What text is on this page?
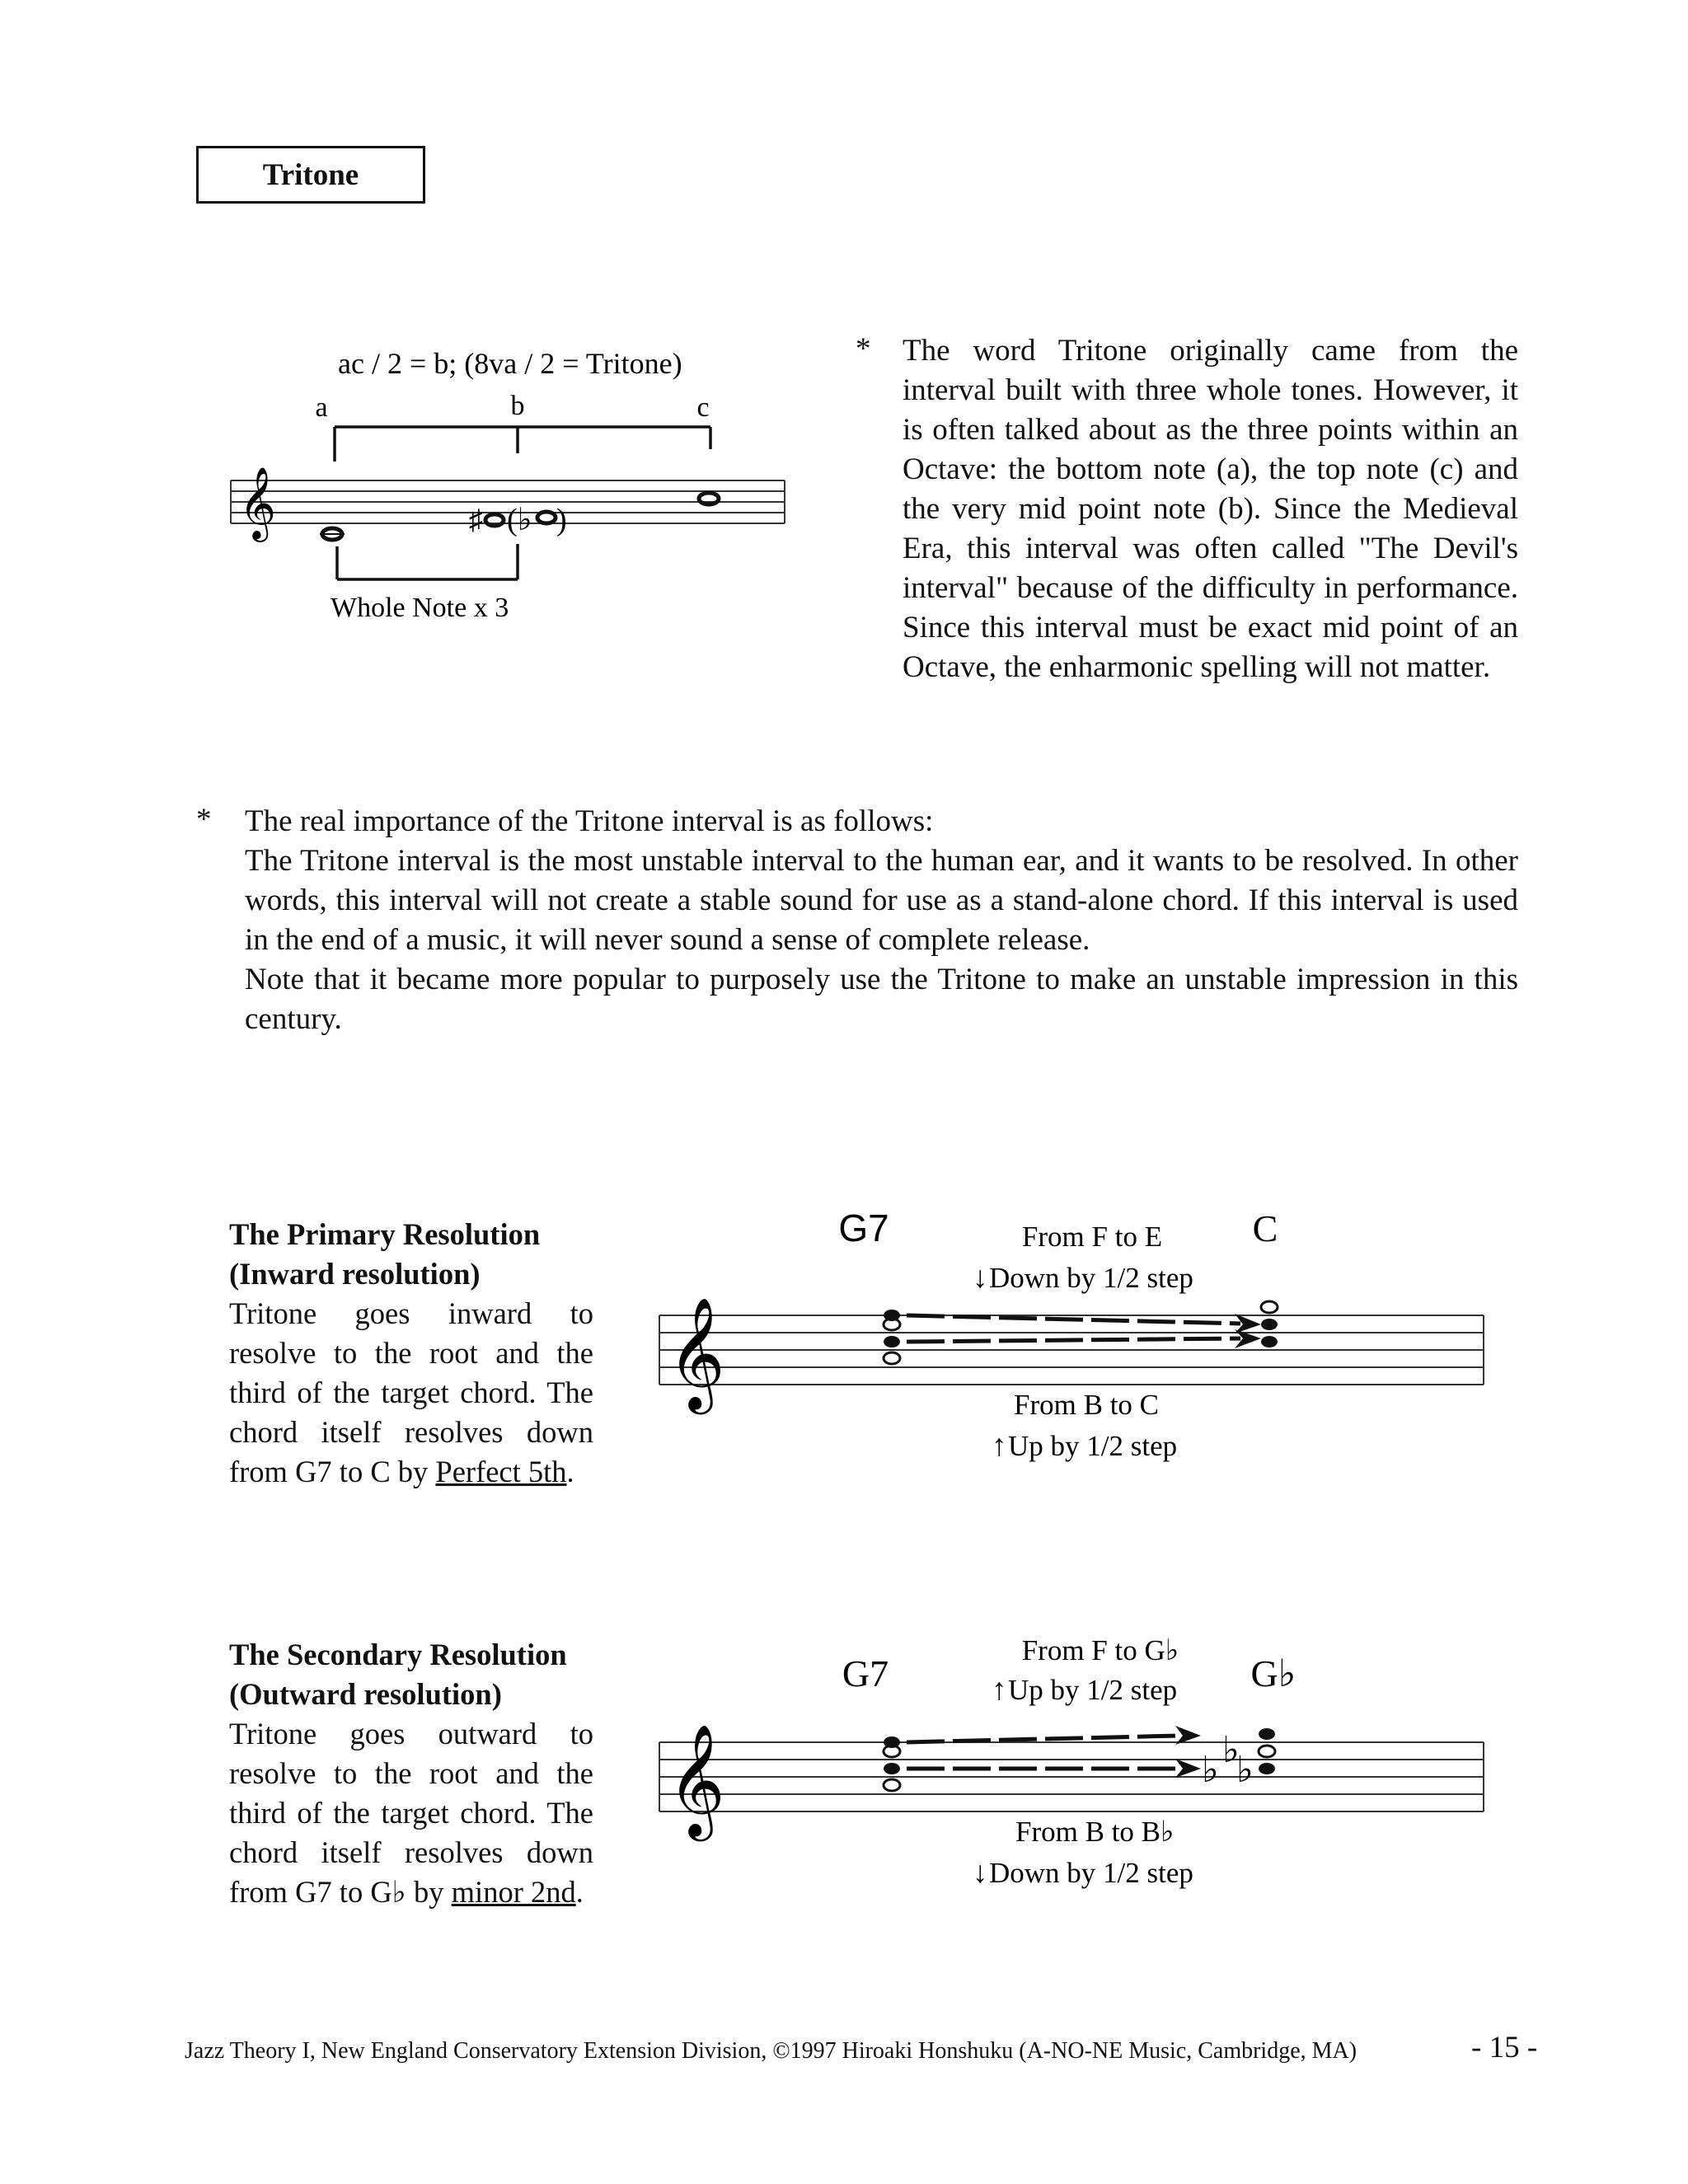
Tritone
ac / 2 = b; (8va / 2 = Tritone)
a	b	c
𝄞	♯ (♭ )
Whole Note x 3
* The word Tritone originally came from the interval built with three whole tones. However, it is often talked about as the three points within an Octave: the bottom note (a), the top note (c) and the very mid point note (b). Since the Medieval Era, this interval was often called "The Devil's interval" because of the difficulty in performance. Since this interval must be exact mid point of an Octave, the enharmonic spelling will not matter.
* The real importance of the Tritone interval is as follows:
The Tritone interval is the most unstable interval to the human ear, and it wants to be resolved. In other words, this interval will not create a stable sound for use as a stand-alone chord. If this interval is used in the end of a music, it will never sound a sense of complete release.
Note that it became more popular to purposely use the Tritone to make an unstable impression in this century.
The Primary Resolution
(Inward resolution)
Tritone goes inward to resolve to the root and the third of the target chord. The chord itself resolves down from G7 to C by Perfect 5th.
G7	C
From F to E
↓ Down by 1/2 step
𝄞	From B to C
↑ Up by 1/2 step
The Secondary Resolution
(Outward resolution)
Tritone goes outward to resolve to the root and the third of the target chord. The chord itself resolves down from G7 to G♭ by minor 2nd.
From F to G♭
G7	G♭
↑ Up by 1/2 step
𝄞	♭
♭ ♭
From B to B♭
↓ Down by 1/2 step
Jazz Theory I, New England Conservatory Extension Division, ©1997 Hiroaki Honshuku (A-NO-NE Music, Cambridge, MA)	- 15 -
